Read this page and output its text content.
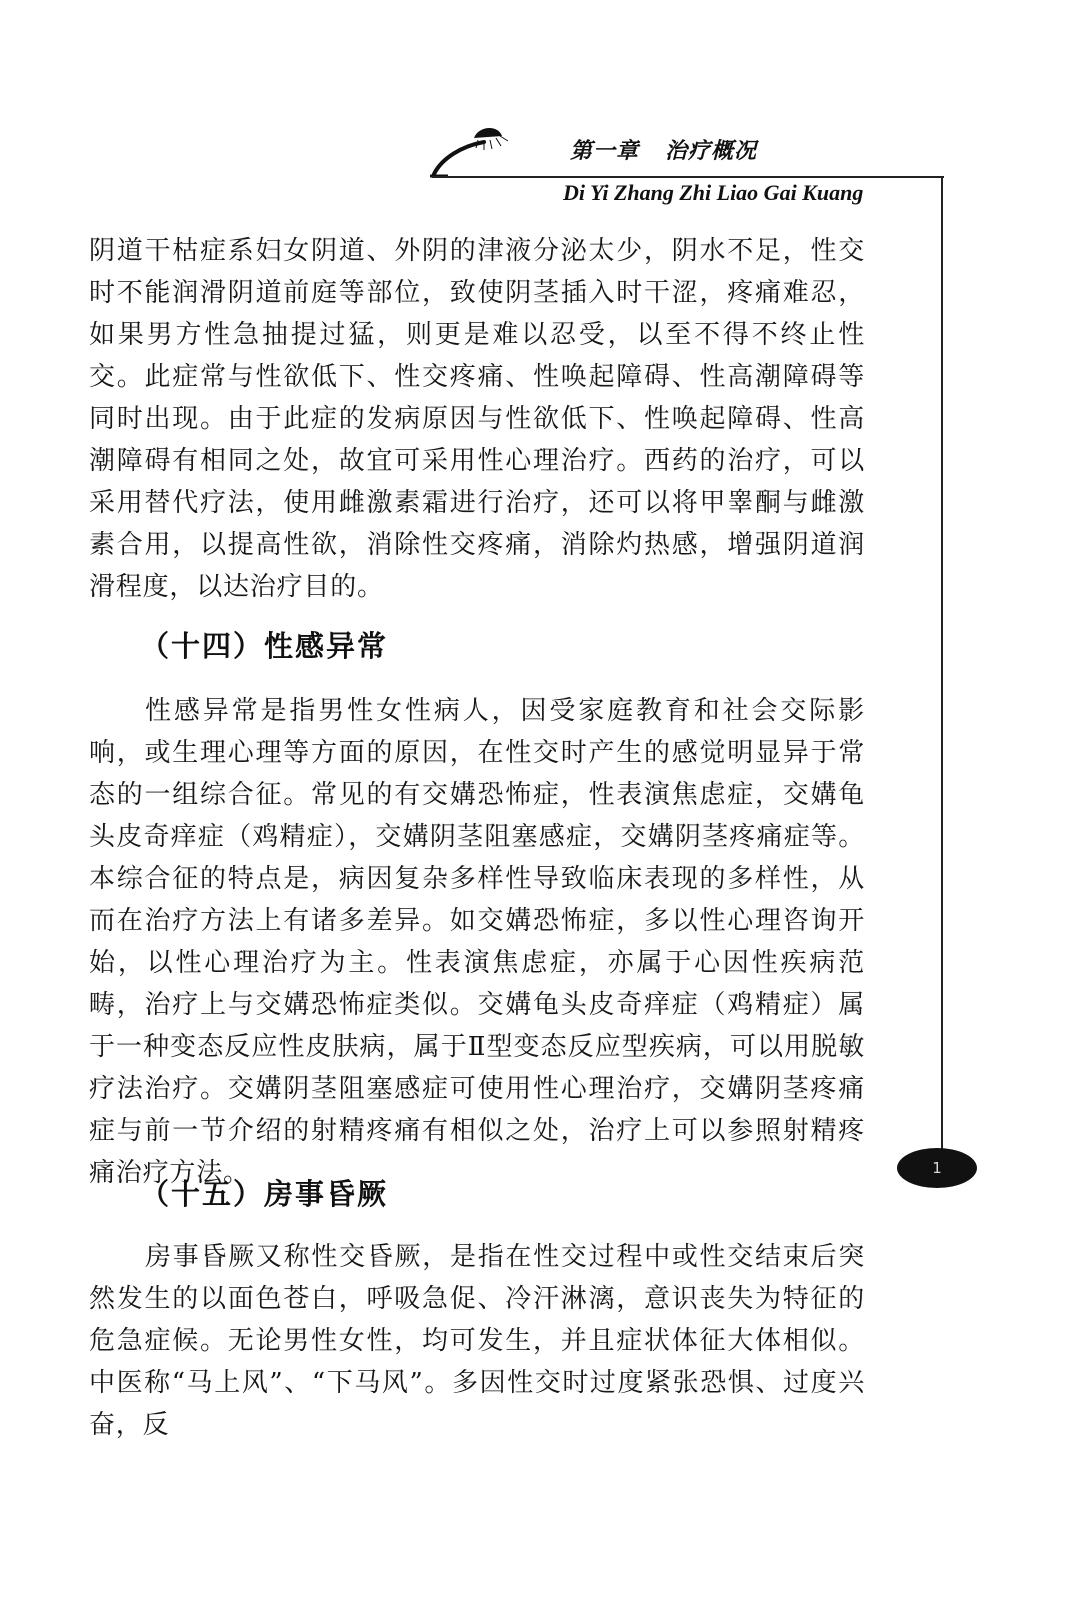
第一章 治疗概况
Di Yi Zhang Zhi Liao Gai Kuang
1

阴道干枯症系妇女阴道、外阴的津液分泌太少，阴水不足，性交时不能润滑阴道前庭等部位，致使阴茎插入时干涩，疼痛难忍，如果男方性急抽提过猛，则更是难以忍受，以至不得不终止性交。此症常与性欲低下、性交疼痛、性唤起障碍、性高潮障碍等同时出现。由于此症的发病原因与性欲低下、性唤起障碍、性高潮障碍有相同之处，故宜可采用性心理治疗。西药的治疗，可以采用替代疗法，使用雌激素霜进行治疗，还可以将甲睾酮与雌激素合用，以提高性欲，消除性交疼痛，消除灼热感，增强阴道润滑程度，以达治疗目的。

（十四）性感异常

性感异常是指男性女性病人，因受家庭教育和社会交际影响，或生理心理等方面的原因，在性交时产生的感觉明显异于常态的一组综合征。常见的有交媾恐怖症，性表演焦虑症，交媾龟头皮奇痒症（鸡精症），交媾阴茎阻塞感症，交媾阴茎疼痛症等。本综合征的特点是，病因复杂多样性导致临床表现的多样性，从而在治疗方法上有诸多差异。如交媾恐怖症，多以性心理咨询开始，以性心理治疗为主。性表演焦虑症，亦属于心因性疾病范畴，治疗上与交媾恐怖症类似。交媾龟头皮奇痒症（鸡精症）属于一种变态反应性皮肤病，属于Ⅱ型变态反应型疾病，可以用脱敏疗法治疗。交媾阴茎阻塞感症可使用性心理治疗，交媾阴茎疼痛症与前一节介绍的射精疼痛有相似之处，治疗上可以参照射精疼痛治疗方法。

（十五）房事昏厥

房事昏厥又称性交昏厥，是指在性交过程中或性交结束后突然发生的以面色苍白，呼吸急促、冷汗淋漓，意识丧失为特征的危急症候。无论男性女性，均可发生，并且症状体征大体相似。中医称“马上风”、“下马风”。多因性交时过度紧张恐惧、过度兴奋，反
